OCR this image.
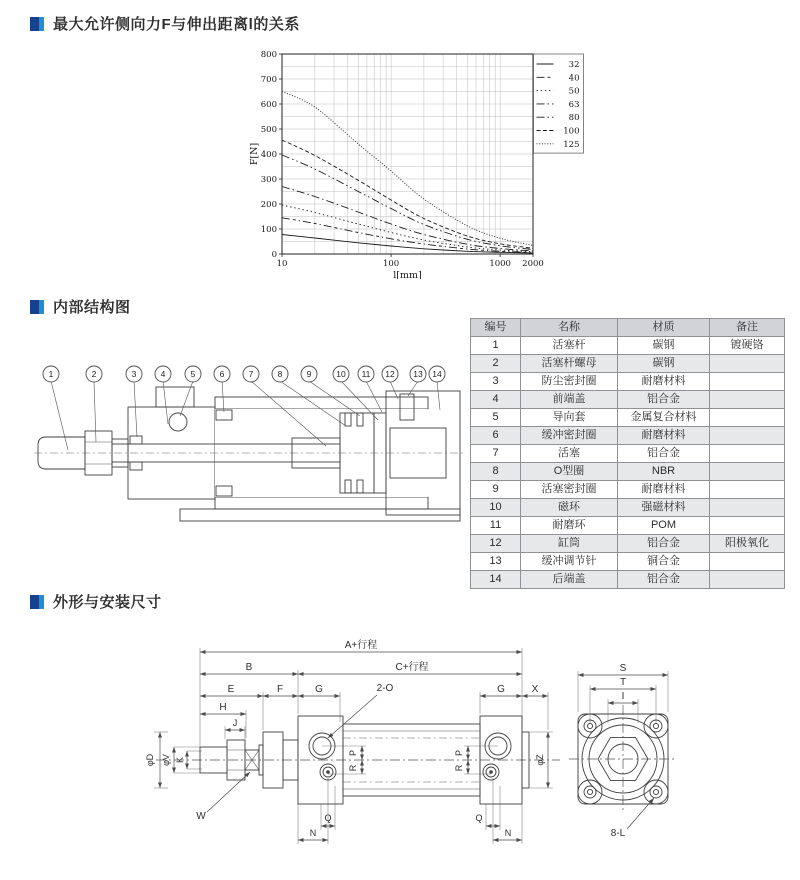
最大允许侧向力F与伸出距离l的关系
0
100
200
300
400
500
600
700
800
10	100	1000 2000
F[N]
l[mm]
32
40
50
63
80
100
125
内部结构图
1	2	3	4	5	6	7	8	9	10 11 12 13 14
编号	名称	材质	备注
1	活塞杆	碳钢	镀硬铬
2	活塞杆螺母	碳钢	
3	防尘密封圈	耐磨材料	
4	前端盖	铝合金	
5	导向套	金属复合材料	
6	缓冲密封圈	耐磨材料	
7	活塞	铝合金	
8	O型圈	NBR	
9	活塞密封圈	耐磨材料	
10	磁环	强磁材料	
11	耐磨环	POM	
12	缸筒	铝合金	阳极氧化
13	缓冲调节针	铜合金	
14	后端盖	铝合金	
外形与安装尺寸
A+行程
B	C+行程
E	F	G	G	X
H
J
φD φV K	φZ
P
R
P
R
Q
N
Q
N
2-O
W
S
T
I
8-L
